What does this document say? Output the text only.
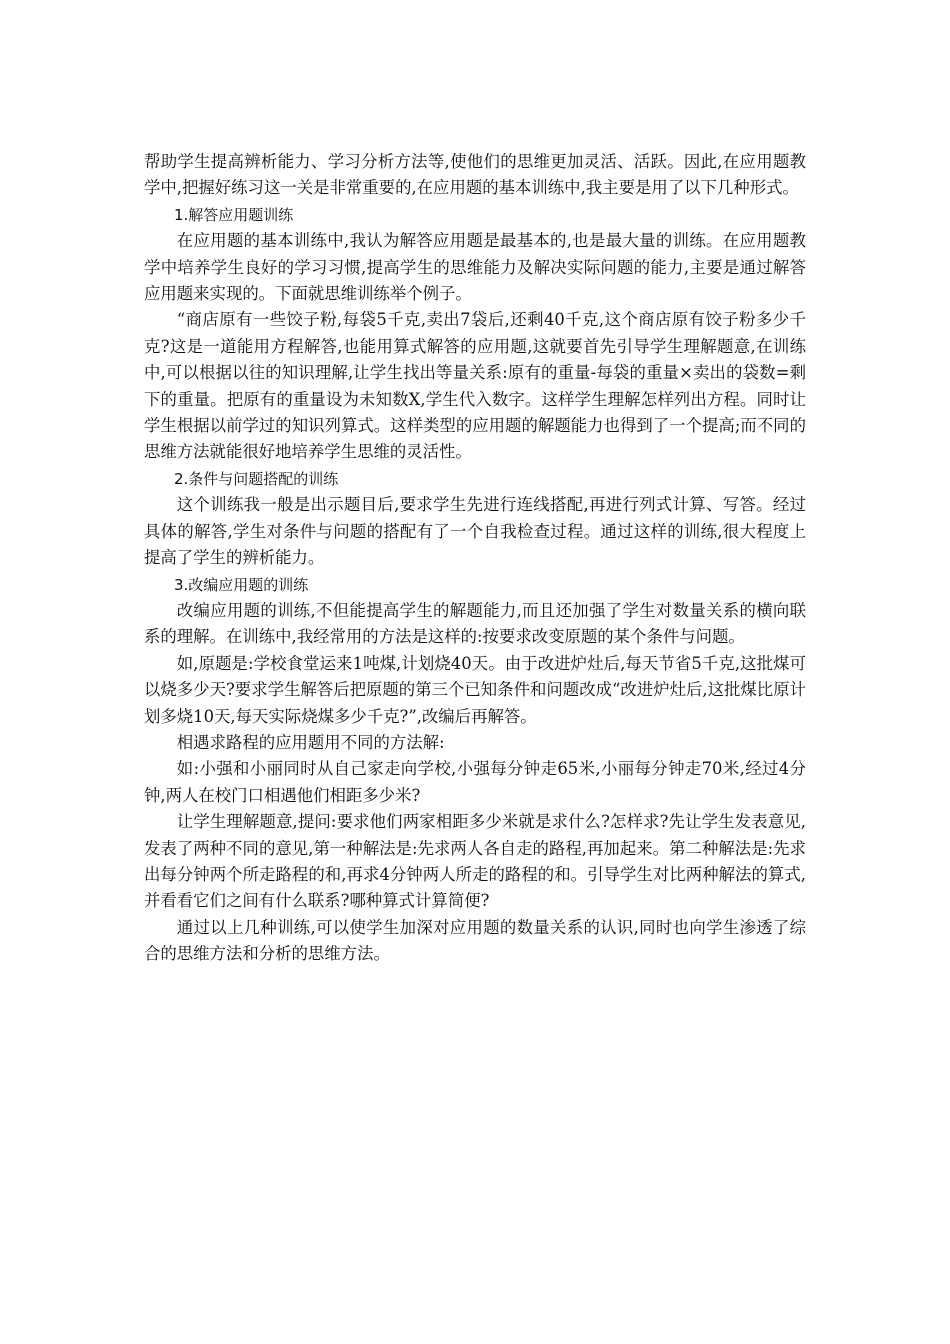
帮助学生提高辨析能力、学习分析方法等,使他们的思维更加灵活、活跃。因此,在应用题教学中,把握好练习这一关是非常重要的,在应用题的基本训练中,我主要是用了以下几种形式。

1.解答应用题训练

在应用题的基本训练中,我认为解答应用题是最基本的,也是最大量的训练。在应用题教学中培养学生良好的学习习惯,提高学生的思维能力及解决实际问题的能力,主要是通过解答应用题来实现的。下面就思维训练举个例子。

“商店原有一些饺子粉,每袋5千克,卖出7袋后,还剩40千克,这个商店原有饺子粉多少千克?这是一道能用方程解答,也能用算式解答的应用题,这就要首先引导学生理解题意,在训练中,可以根据以往的知识理解,让学生找出等量关系:原有的重量-每袋的重量×卖出的袋数=剩下的重量。把原有的重量设为未知数Χ,学生代入数字。这样学生理解怎样列出方程。同时让学生根据以前学过的知识列算式。这样类型的应用题的解题能力也得到了一个提高;而不同的思维方法就能很好地培养学生思维的灵活性。

2.条件与问题搭配的训练

这个训练我一般是出示题目后,要求学生先进行连线搭配,再进行列式计算、写答。经过具体的解答,学生对条件与问题的搭配有了一个自我检查过程。通过这样的训练,很大程度上提高了学生的辨析能力。

3.改编应用题的训练

改编应用题的训练,不但能提高学生的解题能力,而且还加强了学生对数量关系的横向联系的理解。在训练中,我经常用的方法是这样的:按要求改变原题的某个条件与问题。

如,原题是:学校食堂运来1吨煤,计划烧40天。由于改进炉灶后,每天节省5千克,这批煤可以烧多少天?要求学生解答后把原题的第三个已知条件和问题改成“改进炉灶后,这批煤比原计划多烧10天,每天实际烧煤多少千克?”,改编后再解答。

相遇求路程的应用题用不同的方法解:

如:小强和小丽同时从自己家走向学校,小强每分钟走65米,小丽每分钟走70米,经过4分钟,两人在校门口相遇他们相距多少米?

让学生理解题意,提问:要求他们两家相距多少米就是求什么?怎样求?先让学生发表意见,发表了两种不同的意见,第一种解法是:先求两人各自走的路程,再加起来。第二种解法是:先求出每分钟两个所走路程的和,再求4分钟两人所走的路程的和。引导学生对比两种解法的算式,并看看它们之间有什么联系?哪种算式计算简便?

通过以上几种训练,可以使学生加深对应用题的数量关系的认识,同时也向学生渗透了综合的思维方法和分析的思维方法。
